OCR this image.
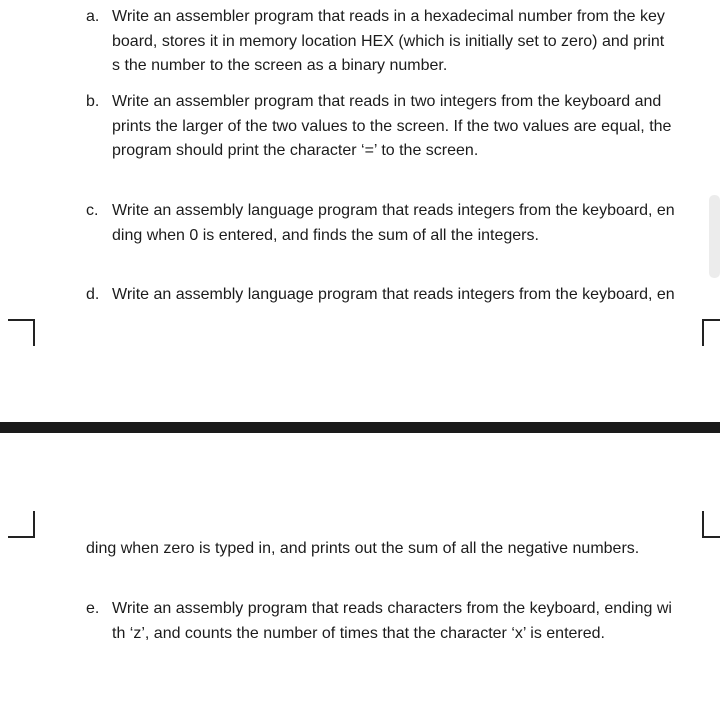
a. Write an assembler program that reads in a hexadecimal number from the key
board, stores it in memory location HEX (which is initially set to zero) and print
s the number to the screen as a binary number.
b. Write an assembler program that reads in two integers from the keyboard and
prints the larger of the two values to the screen. If the two values are equal, the
program should print the character ‘=’ to the screen.
c. Write an assembly language program that reads integers from the keyboard, en
ding when 0 is entered, and finds the sum of all the integers.
d. Write an assembly language program that reads integers from the keyboard, en
ding when zero is typed in, and prints out the sum of all the negative numbers.
e. Write an assembly program that reads characters from the keyboard, ending wi
th ‘z’, and counts the number of times that the character ‘x’ is entered.
